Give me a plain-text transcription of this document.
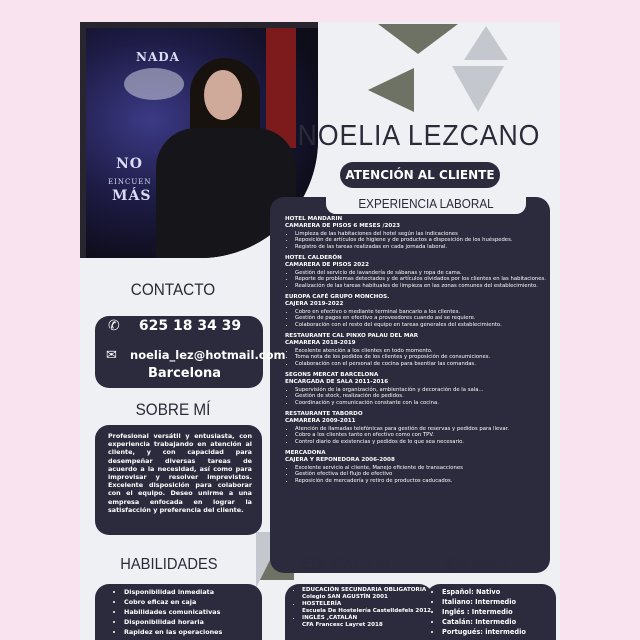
NADA
NO
EINCUEN
MÁS
NOELIA LEZCANO
ATENCIÓN AL CLIENTE
EXPERIENCIA LABORAL
HOTEL MANDARIN
CAMARERA DE PISOS 6 MESES /2023
• Limpieza de las habitaciones del hotel según las indicaciones
• Reposición de artículos de higiene y de productos a disposición de los huéspedes.
• Registro de las tareas realizadas en cada jornada laboral.
HOTEL CALDERÓN
CAMARERA DE PISOS 2022
• Gestión del servicio de lavandería de sábanas y ropa de cama.
• Reporte de problemas detectados y de artículos olvidados por los clientes en las habitaciones.
• Realización de las tareas habituales de limpieza en las zonas comunes del establecimiento.
EUROPA CAFÉ GRUPO MONCHOS.
CAJERA 2019-2022
• Cobro en efectivo o mediante terminal bancario a los clientes.
• Gestión de pagos en efectivo a proveedores cuando así se requiere.
• Colaboración con el resto del equipo en tareas generales del establecimiento.
RESTAURANTE CAL PINXO PALAU DEL MAR
CAMARERA 2018-2019
• Excelente atención a los clientes en todo momento.
• Toma nota de los pedidos de los clientes y proposición de consumiciones.
• Colaboración con el personal de cocina para bsentiar las comandas.
SEGONS MERCAT BARCELONA
ENCARGADA DE SALA 2011-2016
• Supervisión de la organización, ambientación y decoración de la sala...
• Gestión de stock, realización de pedidos.
• Coordinación y comunicación constante con la cocina.
RESTAURANTE TABORDO
CAMARERA 2009-2011
• Atención de llamadas telefónicas para gestión de reservas y pedidos para llevar.
• Cobro a los clientes tanto en efectivo como con TPV.
• Control diario de existencias y pedidos de lo que sea necesario.
MERCADONA
CAJERA Y REPONEDORA 2006-2008
• Excelente servicio al cliente, Manejo eficiente de transacciones
• Gestión efectiva del flujo de efectivo
• Reposición de mercadería y retiro de productos caducados.
CONTACTO
✆ 625 18 34 39
✉ noelia_lez@hotmail.com
Barcelona
SOBRE MÍ
Profesional versátil y entusiasta, con experiencia trabajando en atención al cliente, y con capacidad para desempeñar diversas tareas de acuerdo a la necesidad, así como para improvisar y resolver imprevistos. Excelente disposición para colaborar con el equipo. Deseo unirme a una empresa enfocada en lograr la satisfacción y preferencia del cliente.
HABILIDADES	EDUCACIÓN	IDIOMAS
• Disponibilidad inmediata
• Cobro eficaz en caja
• Habilidades comunicativas
• Disponibilidad horaria
• Rapidez en las operaciones
• EDUCACIÓN SECUNDARIA OBLIGATORIA
Colegio SAN AGUSTÍN 2001
• HOSTELERÍA
Escuela De Hostelería Castelldefels 2012
• INGLÉS ,CATALÁN
CFA Francesc Layret 2018
• Español: Nativo
• Italiano: Intermedio
• Inglés : Intermedio
• Catalán: Intermedio
• Portugués: intermedio
